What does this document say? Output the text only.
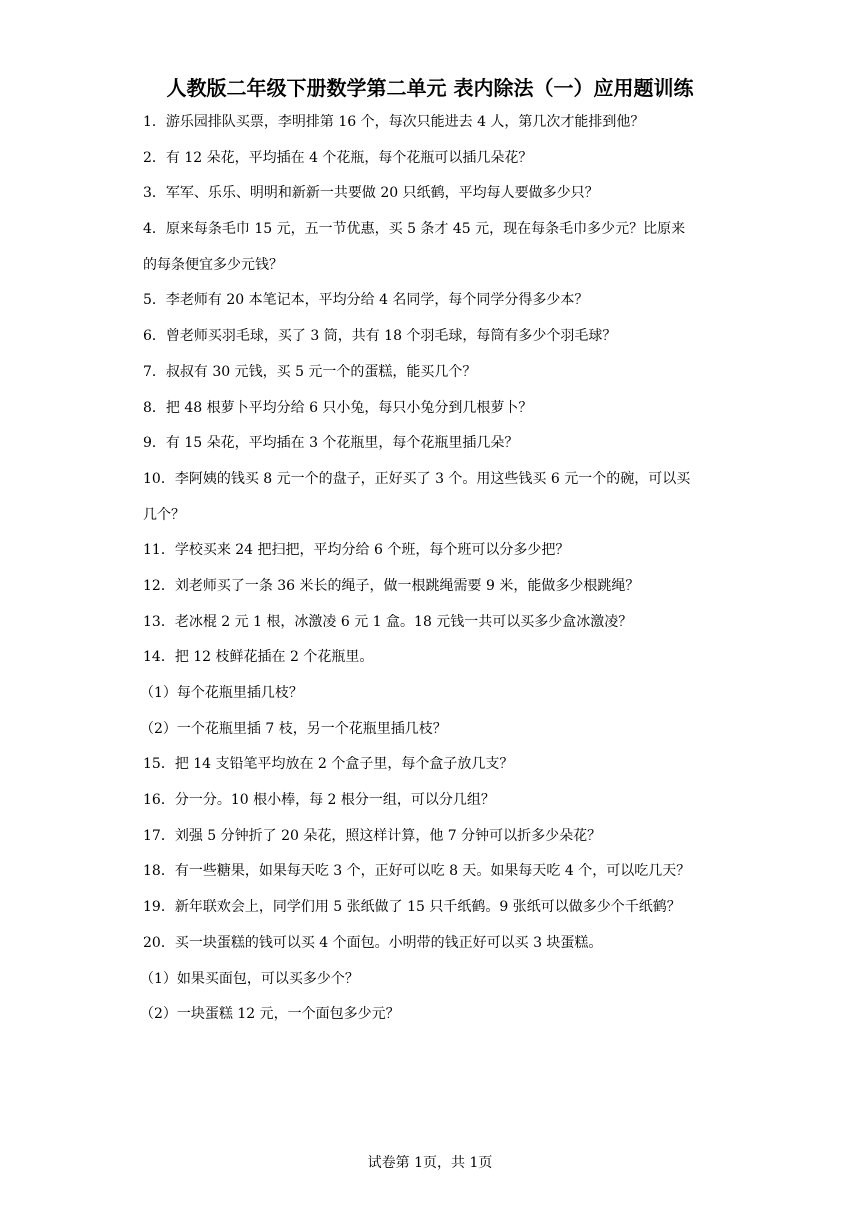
人教版二年级下册数学第二单元 表内除法（一）应用题训练
1．游乐园排队买票，李明排第 16 个，每次只能进去 4 人，第几次才能排到他？
2．有 12 朵花，平均插在 4 个花瓶，每个花瓶可以插几朵花？
3．军军、乐乐、明明和新新一共要做 20 只纸鹤，平均每人要做多少只？
4．原来每条毛巾 15 元，五一节优惠，买 5 条才 45 元，现在每条毛巾多少元？比原来
的每条便宜多少元钱？
5．李老师有 20 本笔记本，平均分给 4 名同学，每个同学分得多少本？
6．曾老师买羽毛球，买了 3 筒，共有 18 个羽毛球，每筒有多少个羽毛球？
7．叔叔有 30 元钱，买 5 元一个的蛋糕，能买几个？
8．把 48 根萝卜平均分给 6 只小兔，每只小兔分到几根萝卜？
9．有 15 朵花，平均插在 3 个花瓶里，每个花瓶里插几朵？
10．李阿姨的钱买 8 元一个的盘子，正好买了 3 个。用这些钱买 6 元一个的碗，可以买
几个？
11．学校买来 24 把扫把，平均分给 6 个班，每个班可以分多少把？
12．刘老师买了一条 36 米长的绳子，做一根跳绳需要 9 米，能做多少根跳绳？
13．老冰棍 2 元 1 根，冰激凌 6 元 1 盒。18 元钱一共可以买多少盒冰激凌？
14．把 12 枝鲜花插在 2 个花瓶里。
（1）每个花瓶里插几枝？
（2）一个花瓶里插 7 枝，另一个花瓶里插几枝？
15．把 14 支铅笔平均放在 2 个盒子里，每个盒子放几支？
16．分一分。10 根小棒，每 2 根分一组，可以分几组？
17．刘强 5 分钟折了 20 朵花，照这样计算，他 7 分钟可以折多少朵花？
18．有一些糖果，如果每天吃 3 个，正好可以吃 8 天。如果每天吃 4 个，可以吃几天？
19．新年联欢会上，同学们用 5 张纸做了 15 只千纸鹤。9 张纸可以做多少个千纸鹤？
20．买一块蛋糕的钱可以买 4 个面包。小明带的钱正好可以买 3 块蛋糕。
（1）如果买面包，可以买多少个？
（2）一块蛋糕 12 元，一个面包多少元？
试卷第 1页，共 1页
